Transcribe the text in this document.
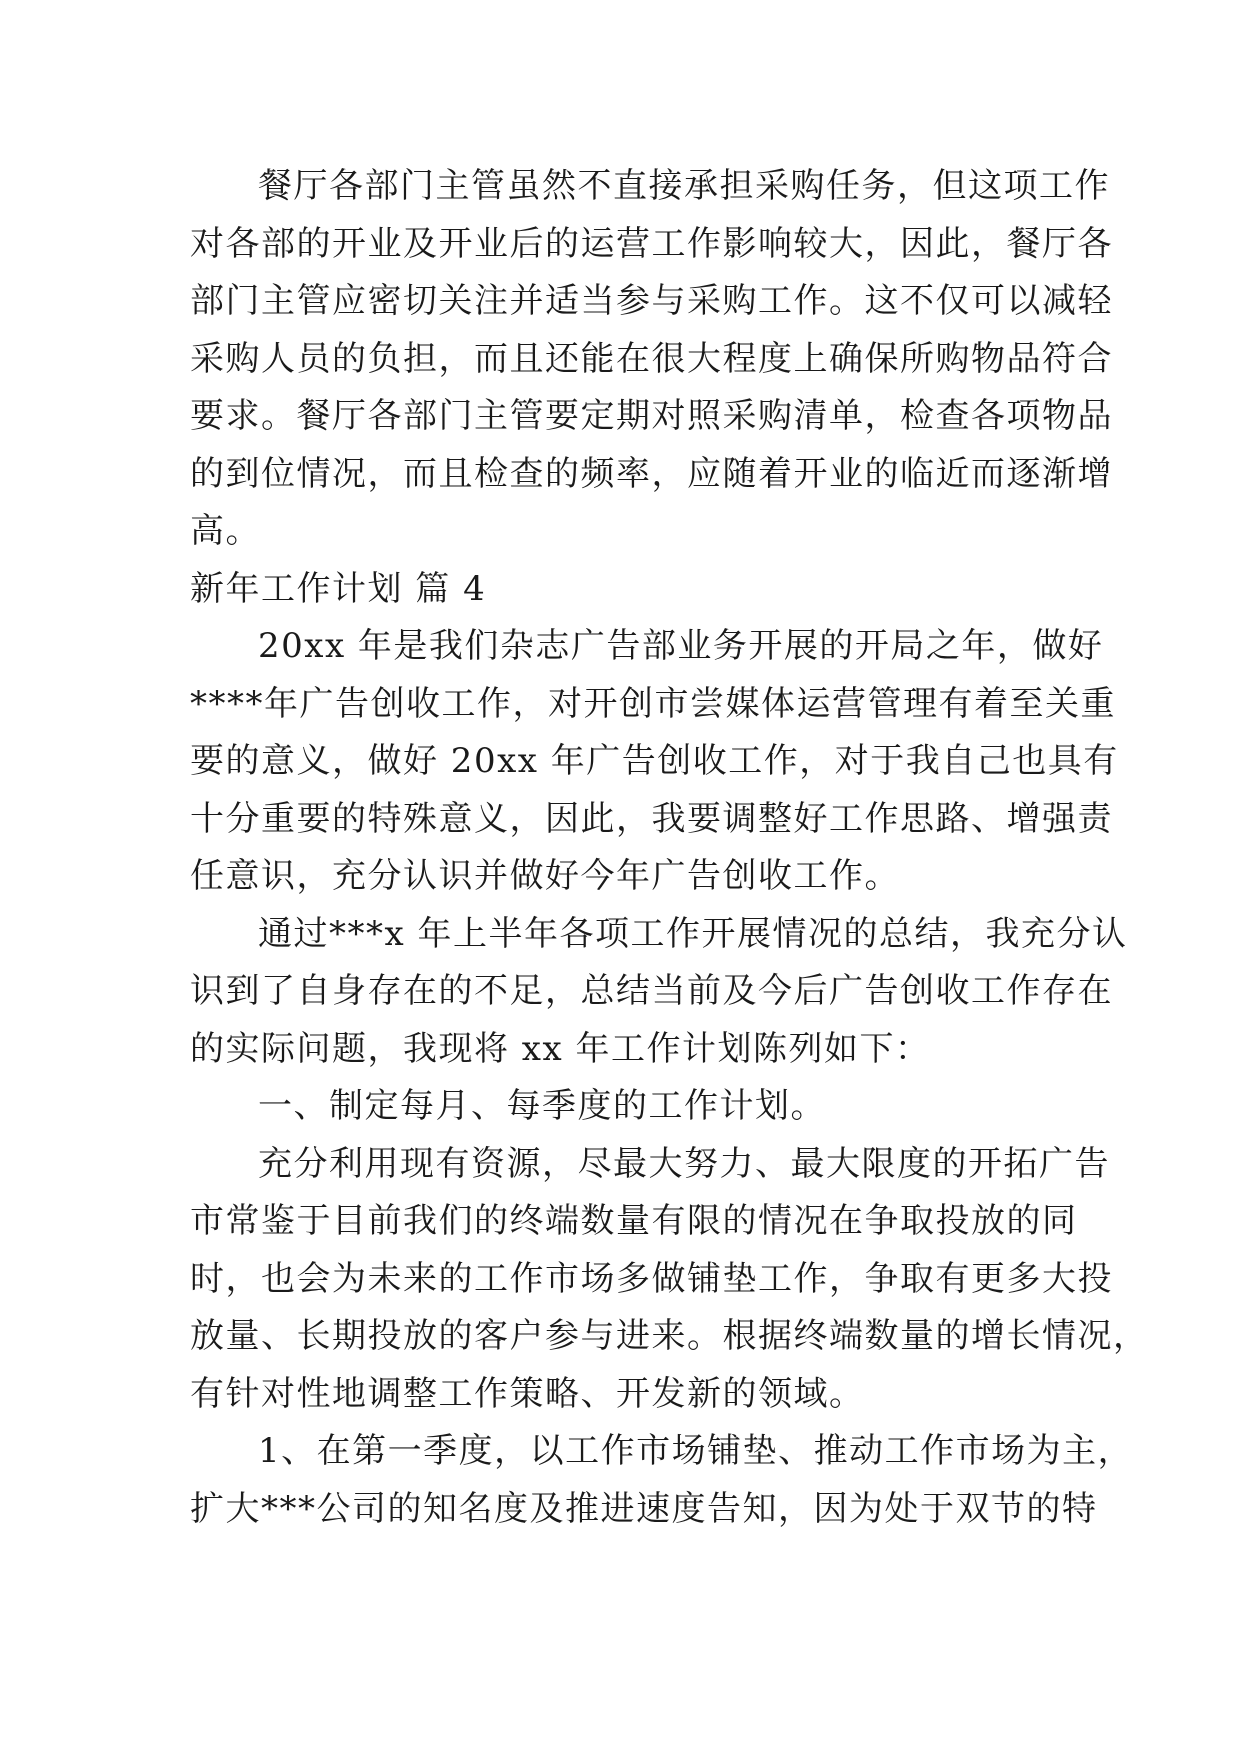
餐厅各部门主管虽然不直接承担采购任务，但这项工作
对各部的开业及开业后的运营工作影响较大，因此，餐厅各
部门主管应密切关注并适当参与采购工作。这不仅可以减轻
采购人员的负担，而且还能在很大程度上确保所购物品符合
要求。餐厅各部门主管要定期对照采购清单，检查各项物品
的到位情况，而且检查的频率，应随着开业的临近而逐渐增
高。
新年工作计划 篇 4
20xx 年是我们杂志广告部业务开展的开局之年，做好
****年广告创收工作，对开创市尝媒体运营管理有着至关重
要的意义，做好 20xx 年广告创收工作，对于我自己也具有
十分重要的特殊意义，因此，我要调整好工作思路、增强责
任意识，充分认识并做好今年广告创收工作。
通过***x 年上半年各项工作开展情况的总结，我充分认
识到了自身存在的不足，总结当前及今后广告创收工作存在
的实际问题，我现将 xx 年工作计划陈列如下：
一、制定每月、每季度的工作计划。
充分利用现有资源，尽最大努力、最大限度的开拓广告
市常鉴于目前我们的终端数量有限的情况在争取投放的同
时，也会为未来的工作市场多做铺垫工作，争取有更多大投
放量、长期投放的客户参与进来。根据终端数量的增长情况，
有针对性地调整工作策略、开发新的领域。
1、在第一季度，以工作市场铺垫、推动工作市场为主，
扩大***公司的知名度及推进速度告知，因为处于双节的特
